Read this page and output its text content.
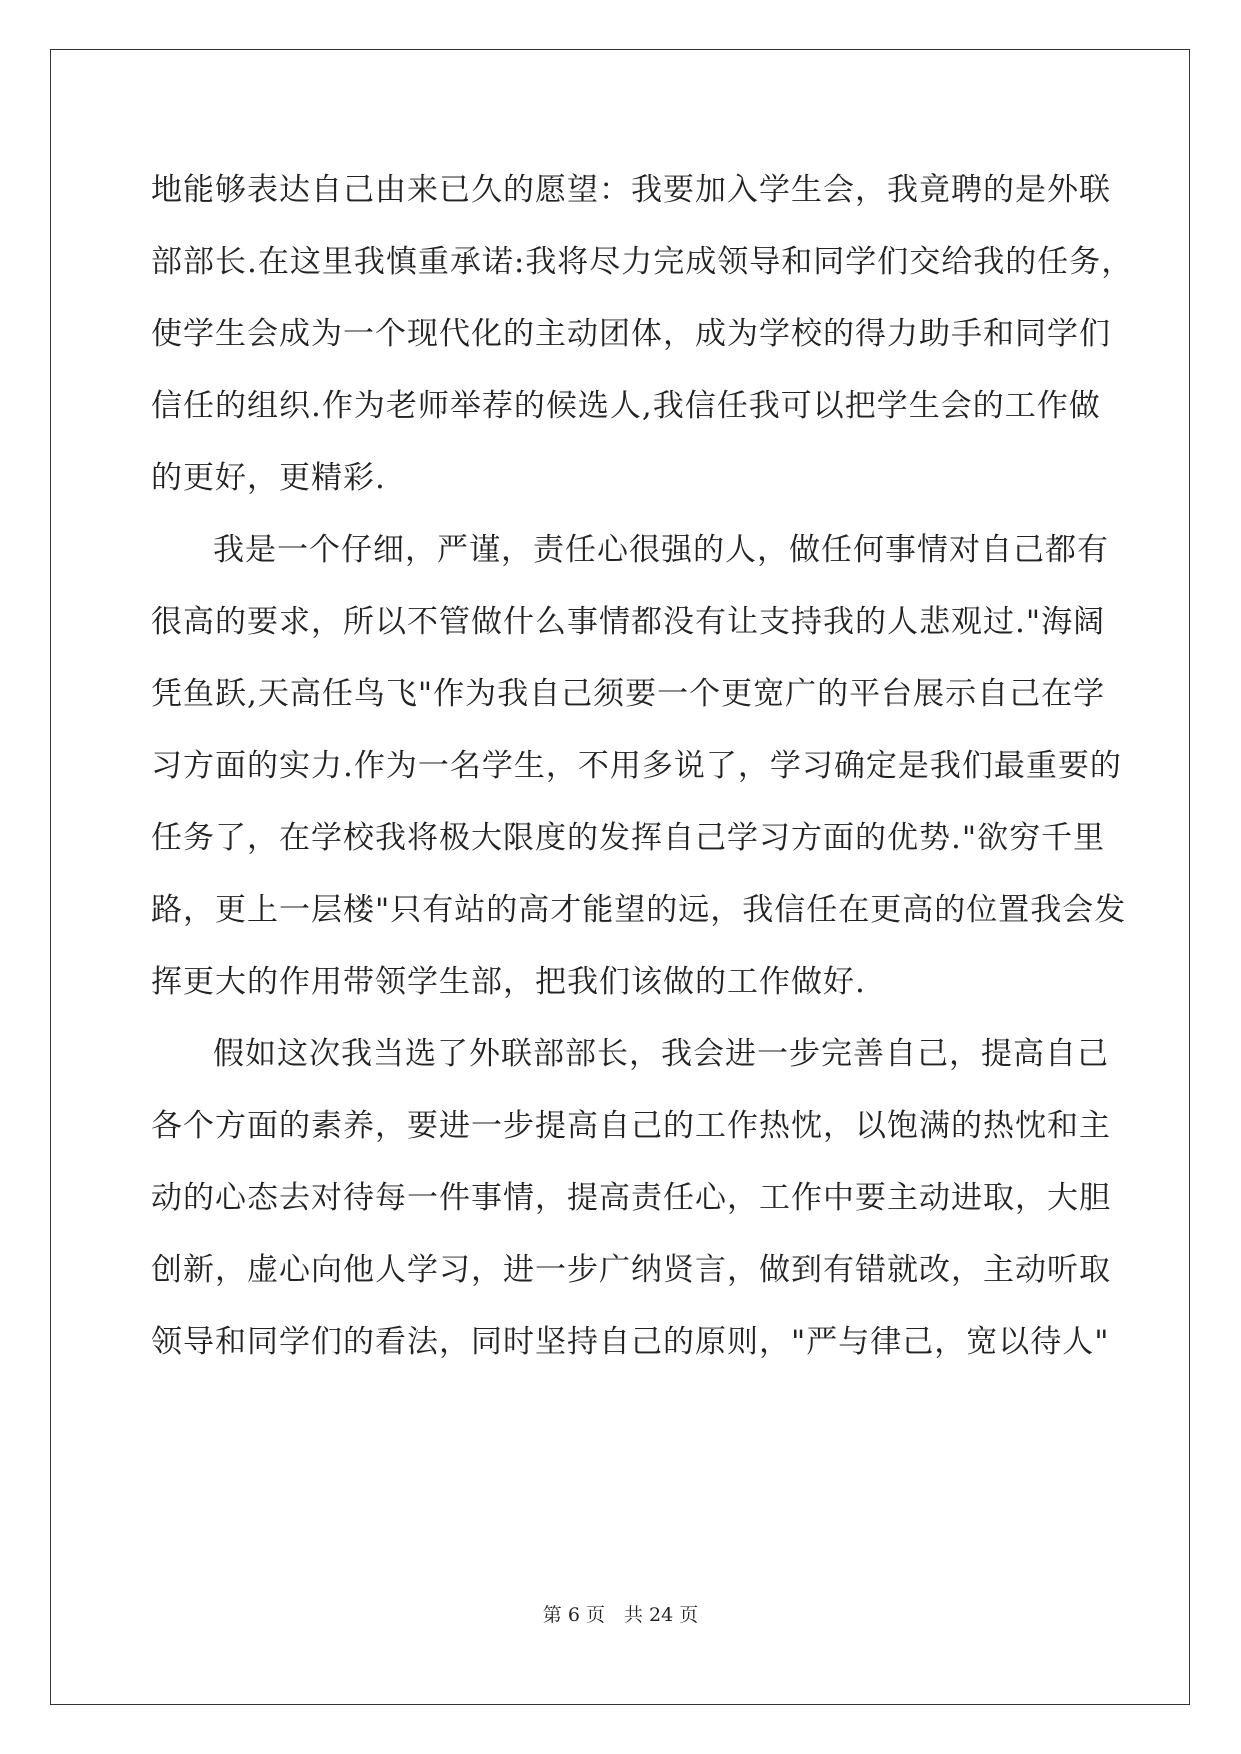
地能够表达自己由来已久的愿望：我要加入学生会，我竟聘的是外联
部部长.在这里我慎重承诺:我将尽力完成领导和同学们交给我的任务，
使学生会成为一个现代化的主动团体，成为学校的得力助手和同学们
信任的组织.作为老师举荐的候选人,我信任我可以把学生会的工作做
的更好，更精彩.
我是一个仔细，严谨，责任心很强的人，做任何事情对自己都有
很高的要求，所以不管做什么事情都没有让支持我的人悲观过."海阔
凭鱼跃,天高任鸟飞"作为我自己须要一个更宽广的平台展示自己在学
习方面的实力.作为一名学生，不用多说了，学习确定是我们最重要的
任务了，在学校我将极大限度的发挥自己学习方面的优势."欲穷千里
路，更上一层楼"只有站的高才能望的远，我信任在更高的位置我会发
挥更大的作用带领学生部，把我们该做的工作做好.
假如这次我当选了外联部部长，我会进一步完善自己，提高自己
各个方面的素养，要进一步提高自己的工作热忱，以饱满的热忱和主
动的心态去对待每一件事情，提高责任心，工作中要主动进取，大胆
创新，虚心向他人学习，进一步广纳贤言，做到有错就改，主动听取
领导和同学们的看法，同时坚持自己的原则，"严与律己，宽以待人"
第 6 页　共 24 页
